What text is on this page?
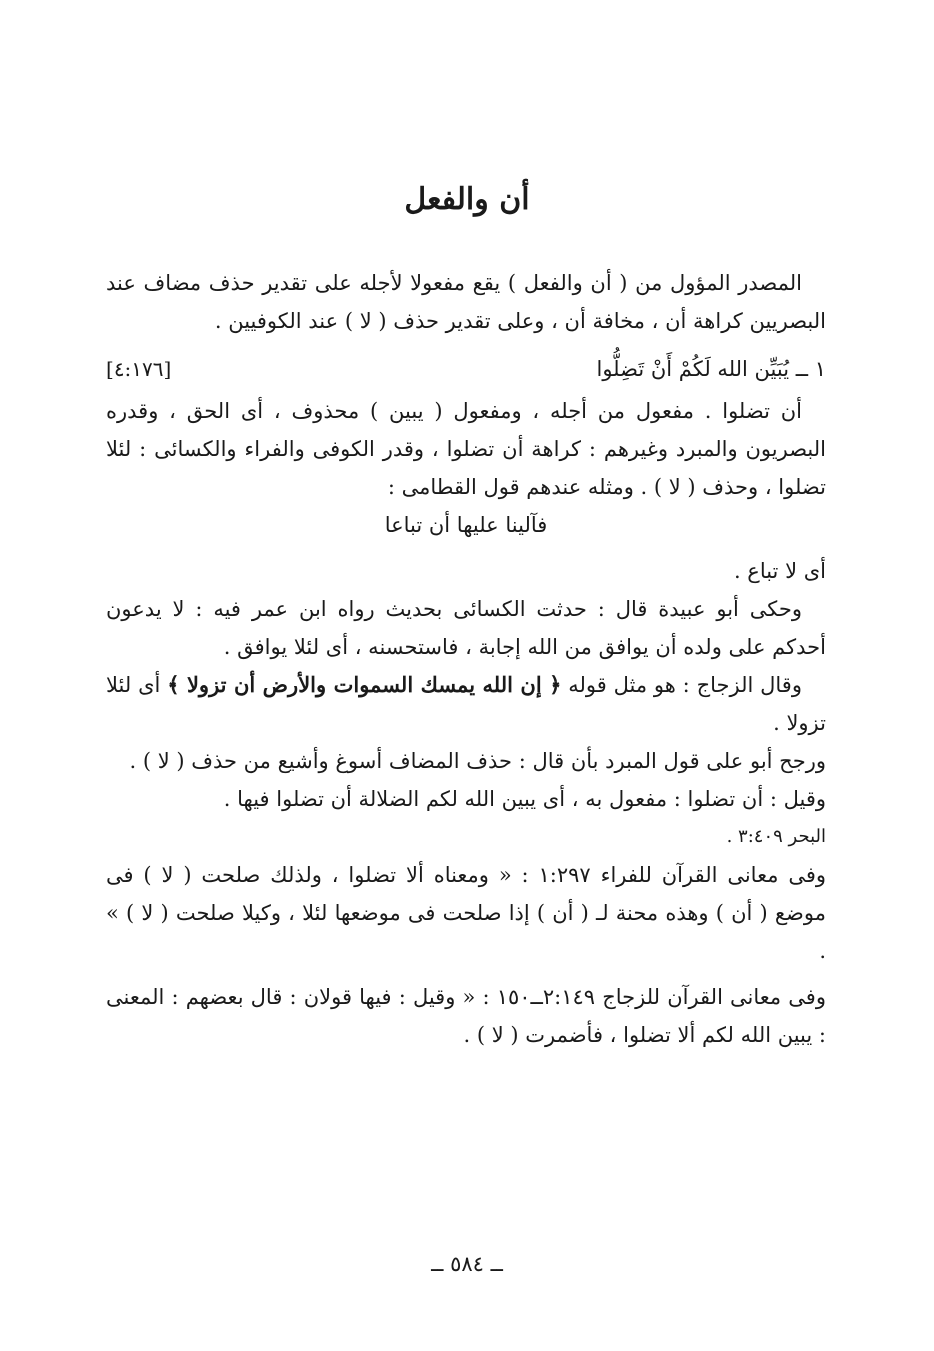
أن والفعل

المصدر المؤول من ( أن والفعل ) يقع مفعولا لأجله على تقدير حذف مضاف عند البصريين كراهة أن ، مخافة أن ، وعلى تقدير حذف ( لا ) عند الكوفيين .

١ ــ يُبَيِّن الله لَكُمْ أَنْ تَضِلُّوا
[٤:١٧٦]

أن تضلوا . مفعول من أجله ، ومفعول ( يبين ) محذوف ، أى الحق ، وقدره البصريون والمبرد وغيرهم : كراهة أن تضلوا ، وقدر الكوفى والفراء والكسائى : لئلا تضلوا ، وحذف ( لا ) . ومثله عندهم قول القطامى :

فآلينا عليها أن تباعا

أى لا تباع .

وحكى أبو عبيدة قال : حدثت الكسائى بحديث رواه ابن عمر فيه : لا يدعون أحدكم على ولده أن يوافق من الله إجابة ، فاستحسنه ، أى لئلا يوافق .

وقال الزجاج : هو مثل قوله ﴿ إن الله يمسك السموات والأرض أن تزولا ﴾ أى لئلا تزولا .

ورجح أبو على قول المبرد بأن قال : حذف المضاف أسوغ وأشيع من حذف ( لا ) .

وقيل : أن تضلوا : مفعول به ، أى يبين الله لكم الضلالة أن تضلوا فيها .

البحر ٣:٤٠٩ .

وفى معانى القرآن للفراء ١:٢٩٧ : « ومعناه ألا تضلوا ، ولذلك صلحت ( لا ) فى موضع ( أن ) وهذه محنة لـ ( أن ) إذا صلحت فى موضعها لئلا ، وكيلا صلحت ( لا ) » .

وفى معانى القرآن للزجاج ٢:١٤٩ــ١٥٠ : « وقيل : فيها قولان : قال بعضهم : المعنى : يبين الله لكم ألا تضلوا ، فأضمرت ( لا ) .

ــ ٥٨٤ ــ
